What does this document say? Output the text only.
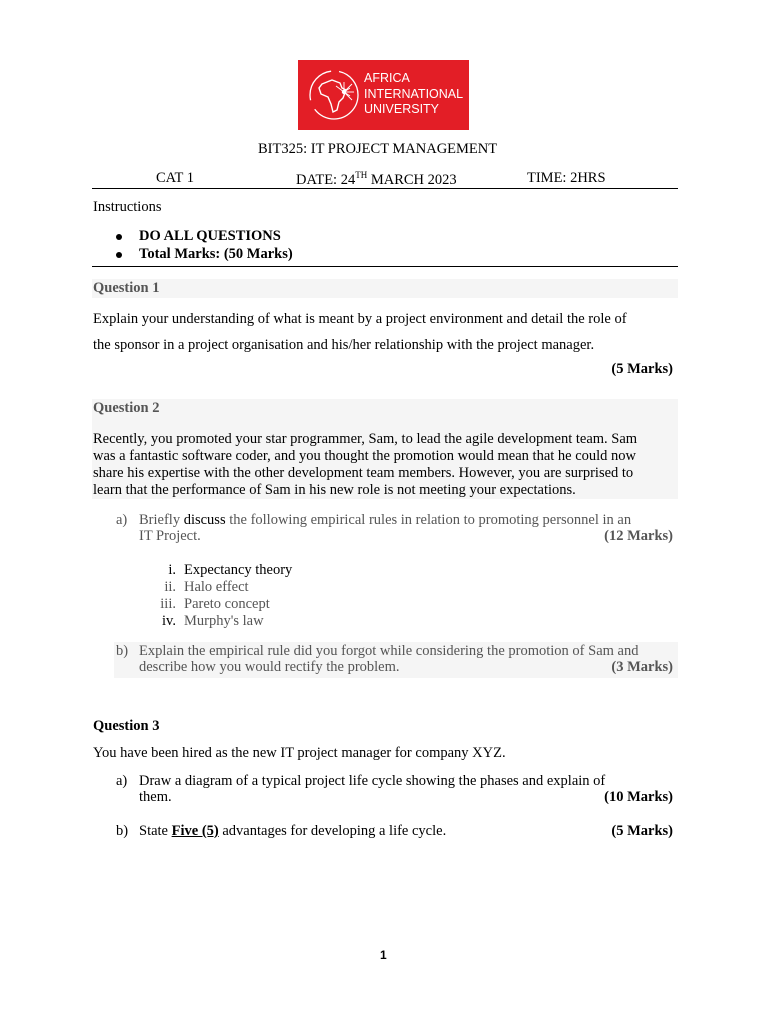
AFRICA
INTERNATIONAL
UNIVERSITY
BIT325: IT PROJECT MANAGEMENT
CAT 1	DATE: 24TH MARCH 2023	TIME: 2HRS
Instructions
DO ALL QUESTIONS
Total Marks: (50 Marks)
Question 1
Explain your understanding of what is meant by a project environment and detail the role of
the sponsor in a project organisation and his/her relationship with the project manager.
(5 Marks)
Question 2
Recently, you promoted your star programmer, Sam, to lead the agile development team. Sam
was a fantastic software coder, and you thought the promotion would mean that he could now
share his expertise with the other development team members. However, you are surprised to
learn that the performance of Sam in his new role is not meeting your expectations.
a) Briefly discuss the following empirical rules in relation to promoting personnel in an
IT Project.	(12 Marks)
i. Expectancy theory
ii. Halo effect
iii. Pareto concept
iv. Murphy's law
b) Explain the empirical rule did you forgot while considering the promotion of Sam and
describe how you would rectify the problem.	(3 Marks)
Question 3
You have been hired as the new IT project manager for company XYZ.
a) Draw a diagram of a typical project life cycle showing the phases and explain of
them.	(10 Marks)
b) State Five (5) advantages for developing a life cycle.	(5 Marks)
1
